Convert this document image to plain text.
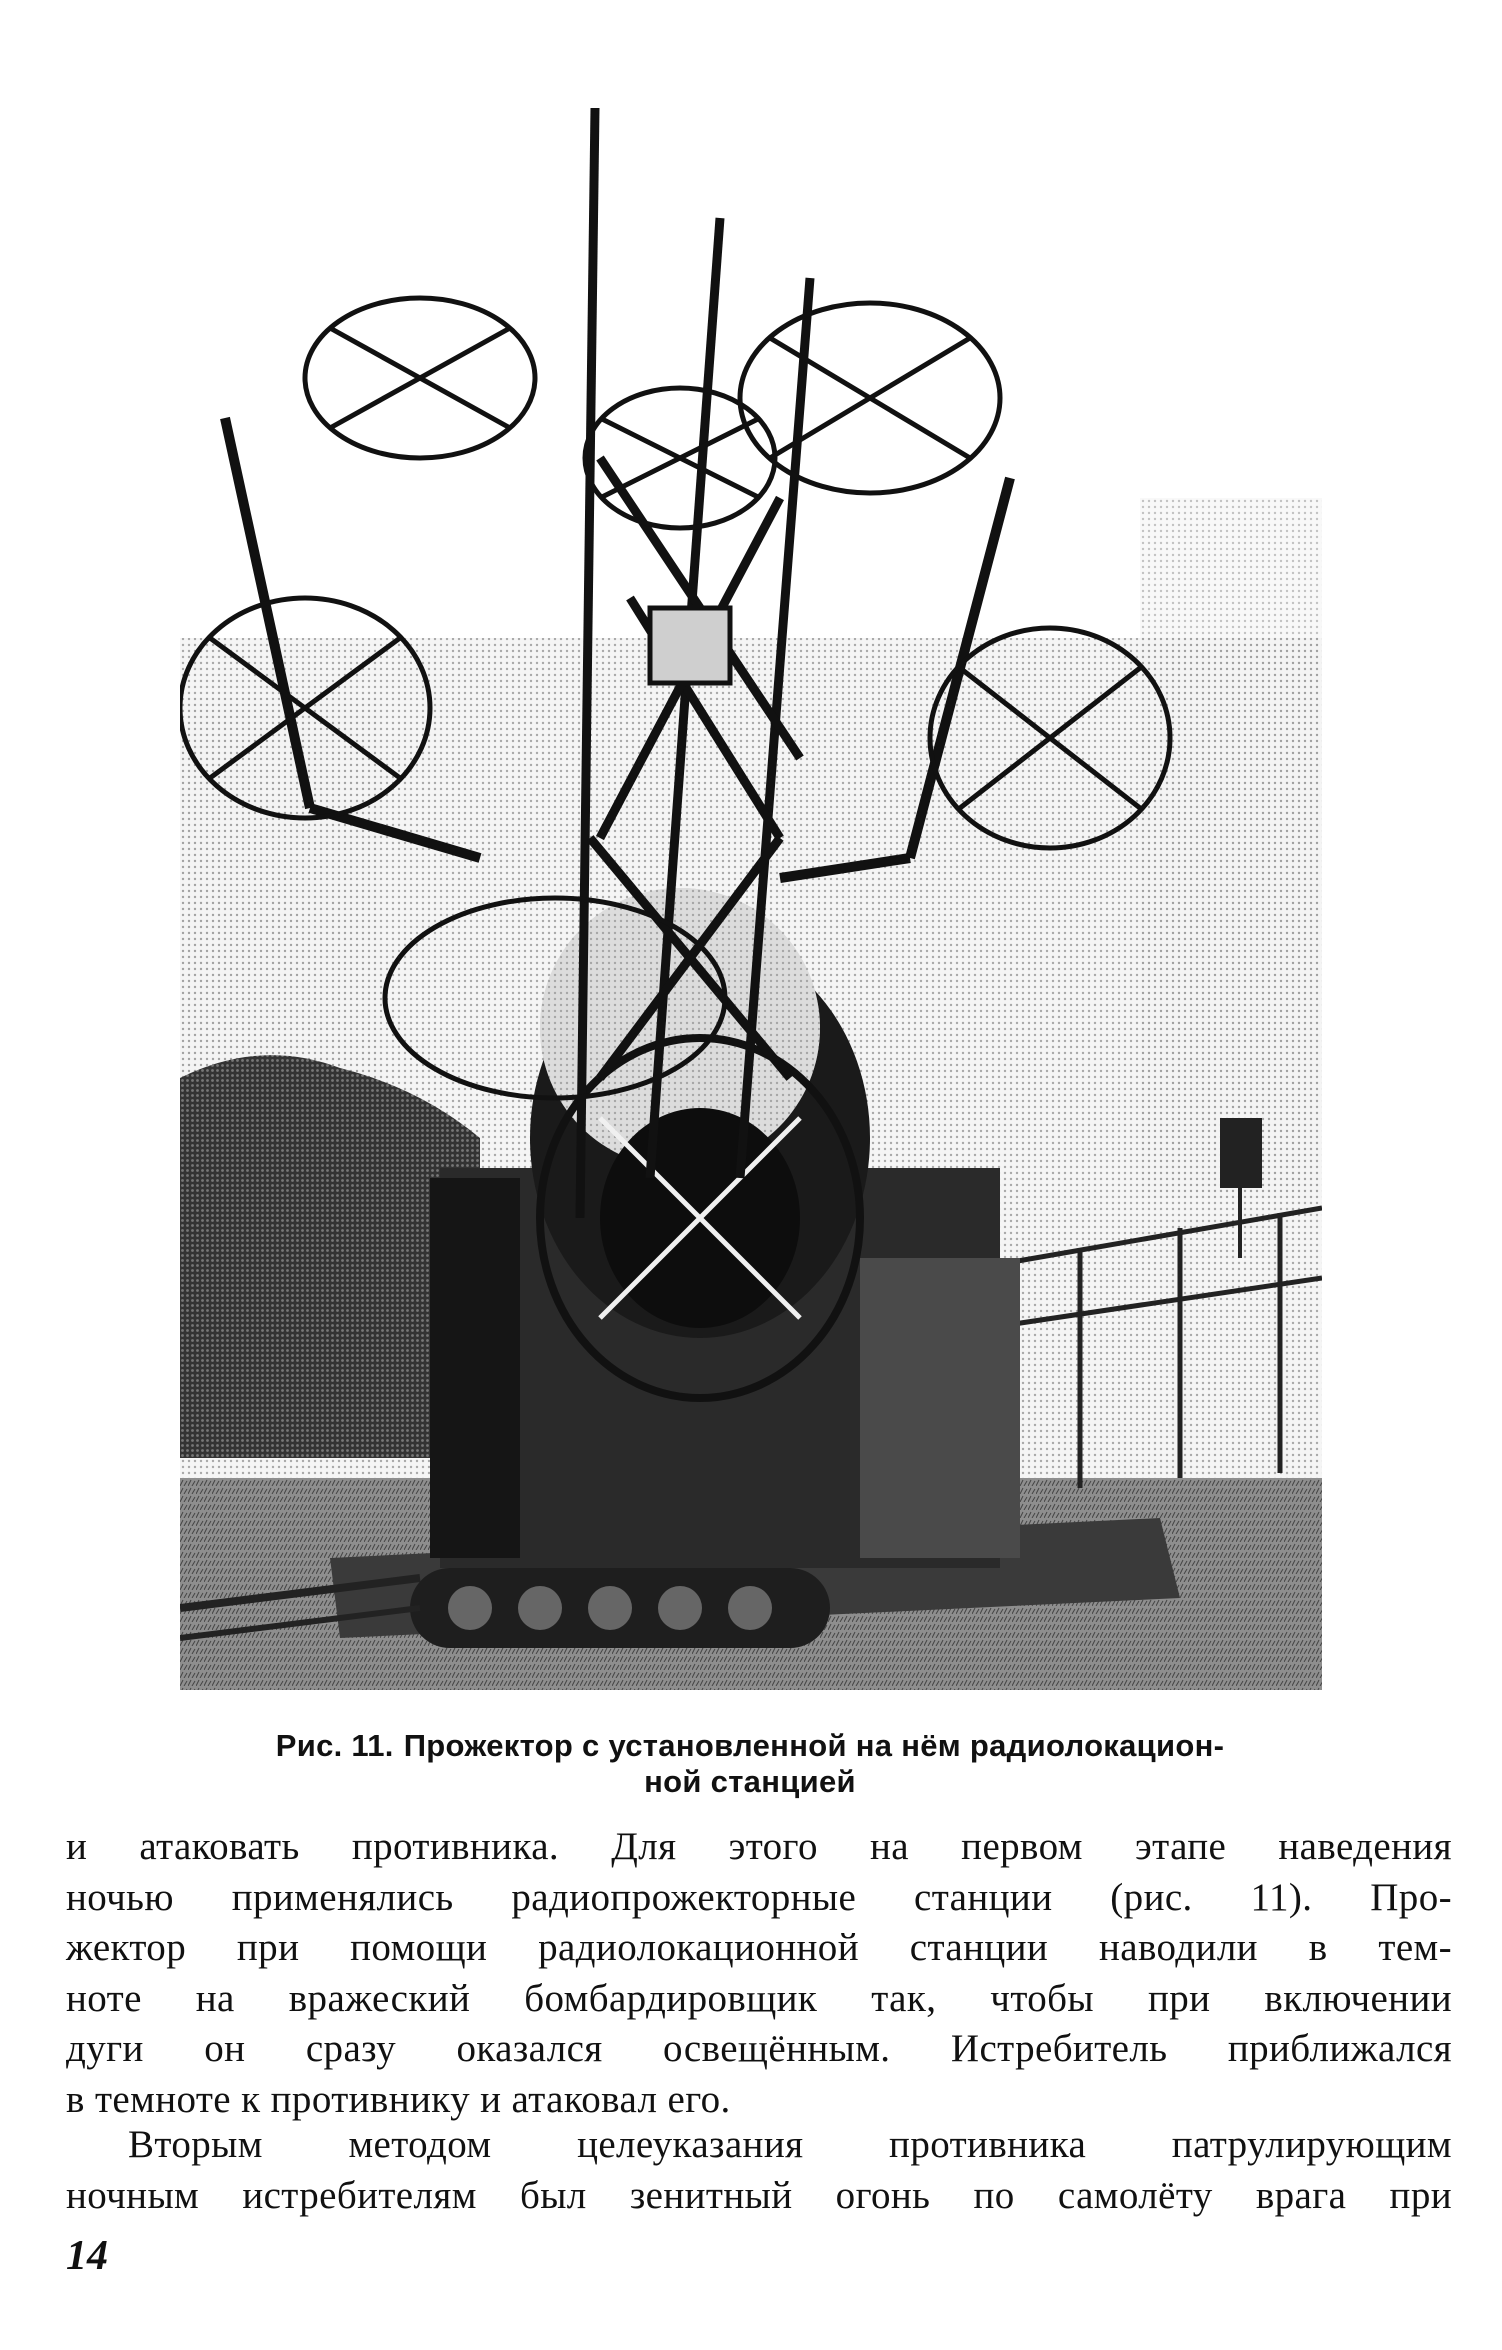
Рис. 11. Прожектор с установленной на нём радиолокацион-
ной станцией
и атаковать противника. Для этого на первом этапе наведения
ночью применялись радиопрожекторные станции (рис. 11). Про-
жектор при помощи радиолокационной станции наводили в тем-
ноте на вражеский бомбардировщик так, чтобы при включении
дуги он сразу оказался освещённым. Истребитель приближался
в темноте к противнику и атаковал его.
Вторым методом целеуказания противника патрулирующим
ночным истребителям был зенитный огонь по самолёту врага при
14
